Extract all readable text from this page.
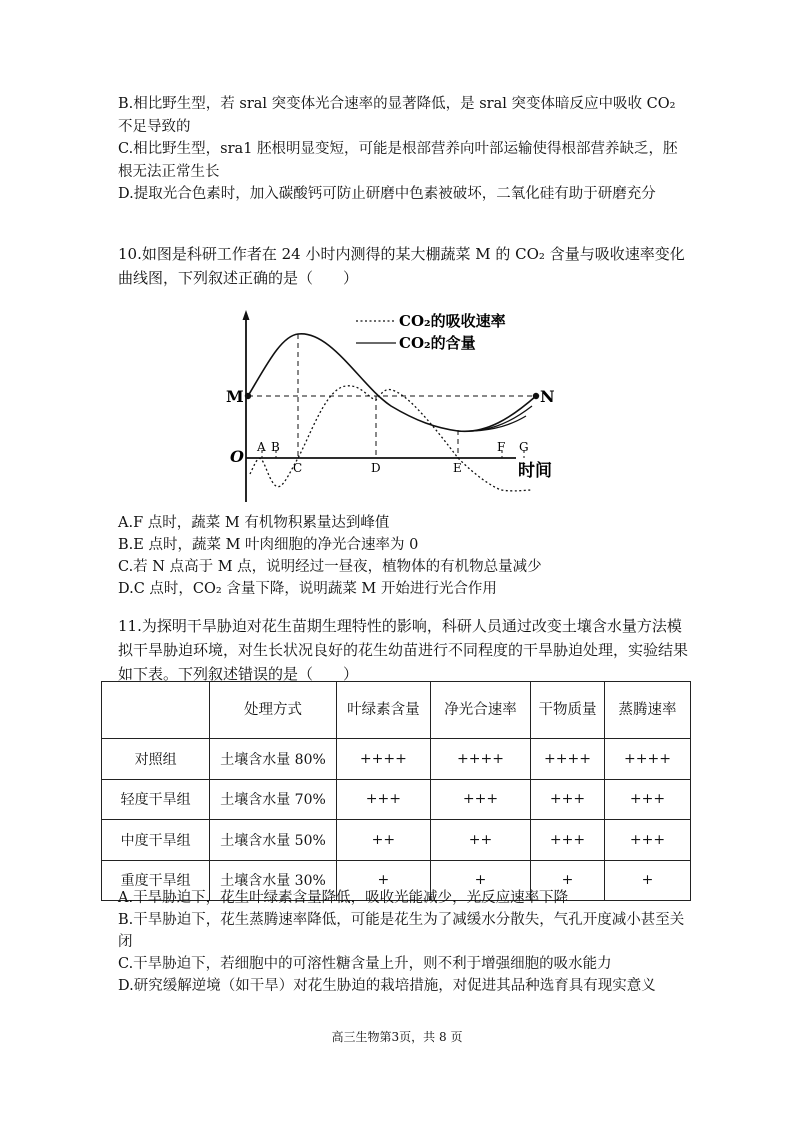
B.相比野生型，若 sral 突变体光合速率的显著降低，是 sral 突变体暗反应中吸收 CO₂ 不足导致的

C.相比野生型，sra1 胚根明显变短，可能是根部营养向叶部运输使得根部营养缺乏，胚根无法正常生长

D.提取光合色素时，加入碳酸钙可防止研磨中色素被破坏，二氧化硅有助于研磨充分

10.如图是科研工作者在 24 小时内测得的某大棚蔬菜 M 的 CO₂ 含量与吸收速率变化曲线图，下列叙述正确的是（　　）

CO₂的吸收速率
CO₂的含量
M	N
O A B
C	D	E
F G
时间

A.F 点时，蔬菜 M 有机物积累量达到峰值

B.E 点时，蔬菜 M 叶肉细胞的净光合速率为 0

C.若 N 点高于 M 点，说明经过一昼夜，植物体的有机物总量减少

D.C 点时，CO₂ 含量下降，说明蔬菜 M 开始进行光合作用

11.为探明干旱胁迫对花生苗期生理特性的影响，科研人员通过改变土壤含水量方法模拟干旱胁迫环境，对生长状况良好的花生幼苗进行不同程度的干旱胁迫处理，实验结果如下表。下列叙述错误的是（　　）

	处理方式	叶绿素含量	净光合速率	干物质量	蒸腾速率
对照组	土壤含水量 80%	++++	++++	++++	++++
轻度干旱组	土壤含水量 70%	+++	+++	+++	+++
中度干旱组	土壤含水量 50%	++	++	+++	+++
重度干旱组	土壤含水量 30%	+	+	+	+

A.干旱胁迫下，花生叶绿素含量降低，吸收光能减少，光反应速率下降

B.干旱胁迫下，花生蒸腾速率降低，可能是花生为了减缓水分散失，气孔开度减小甚至关闭

C.干旱胁迫下，若细胞中的可溶性糖含量上升，则不利于增强细胞的吸水能力

D.研究缓解逆境（如干旱）对花生胁迫的栽培措施，对促进其品种选育具有现实意义

高三生物第3页，共 8 页
